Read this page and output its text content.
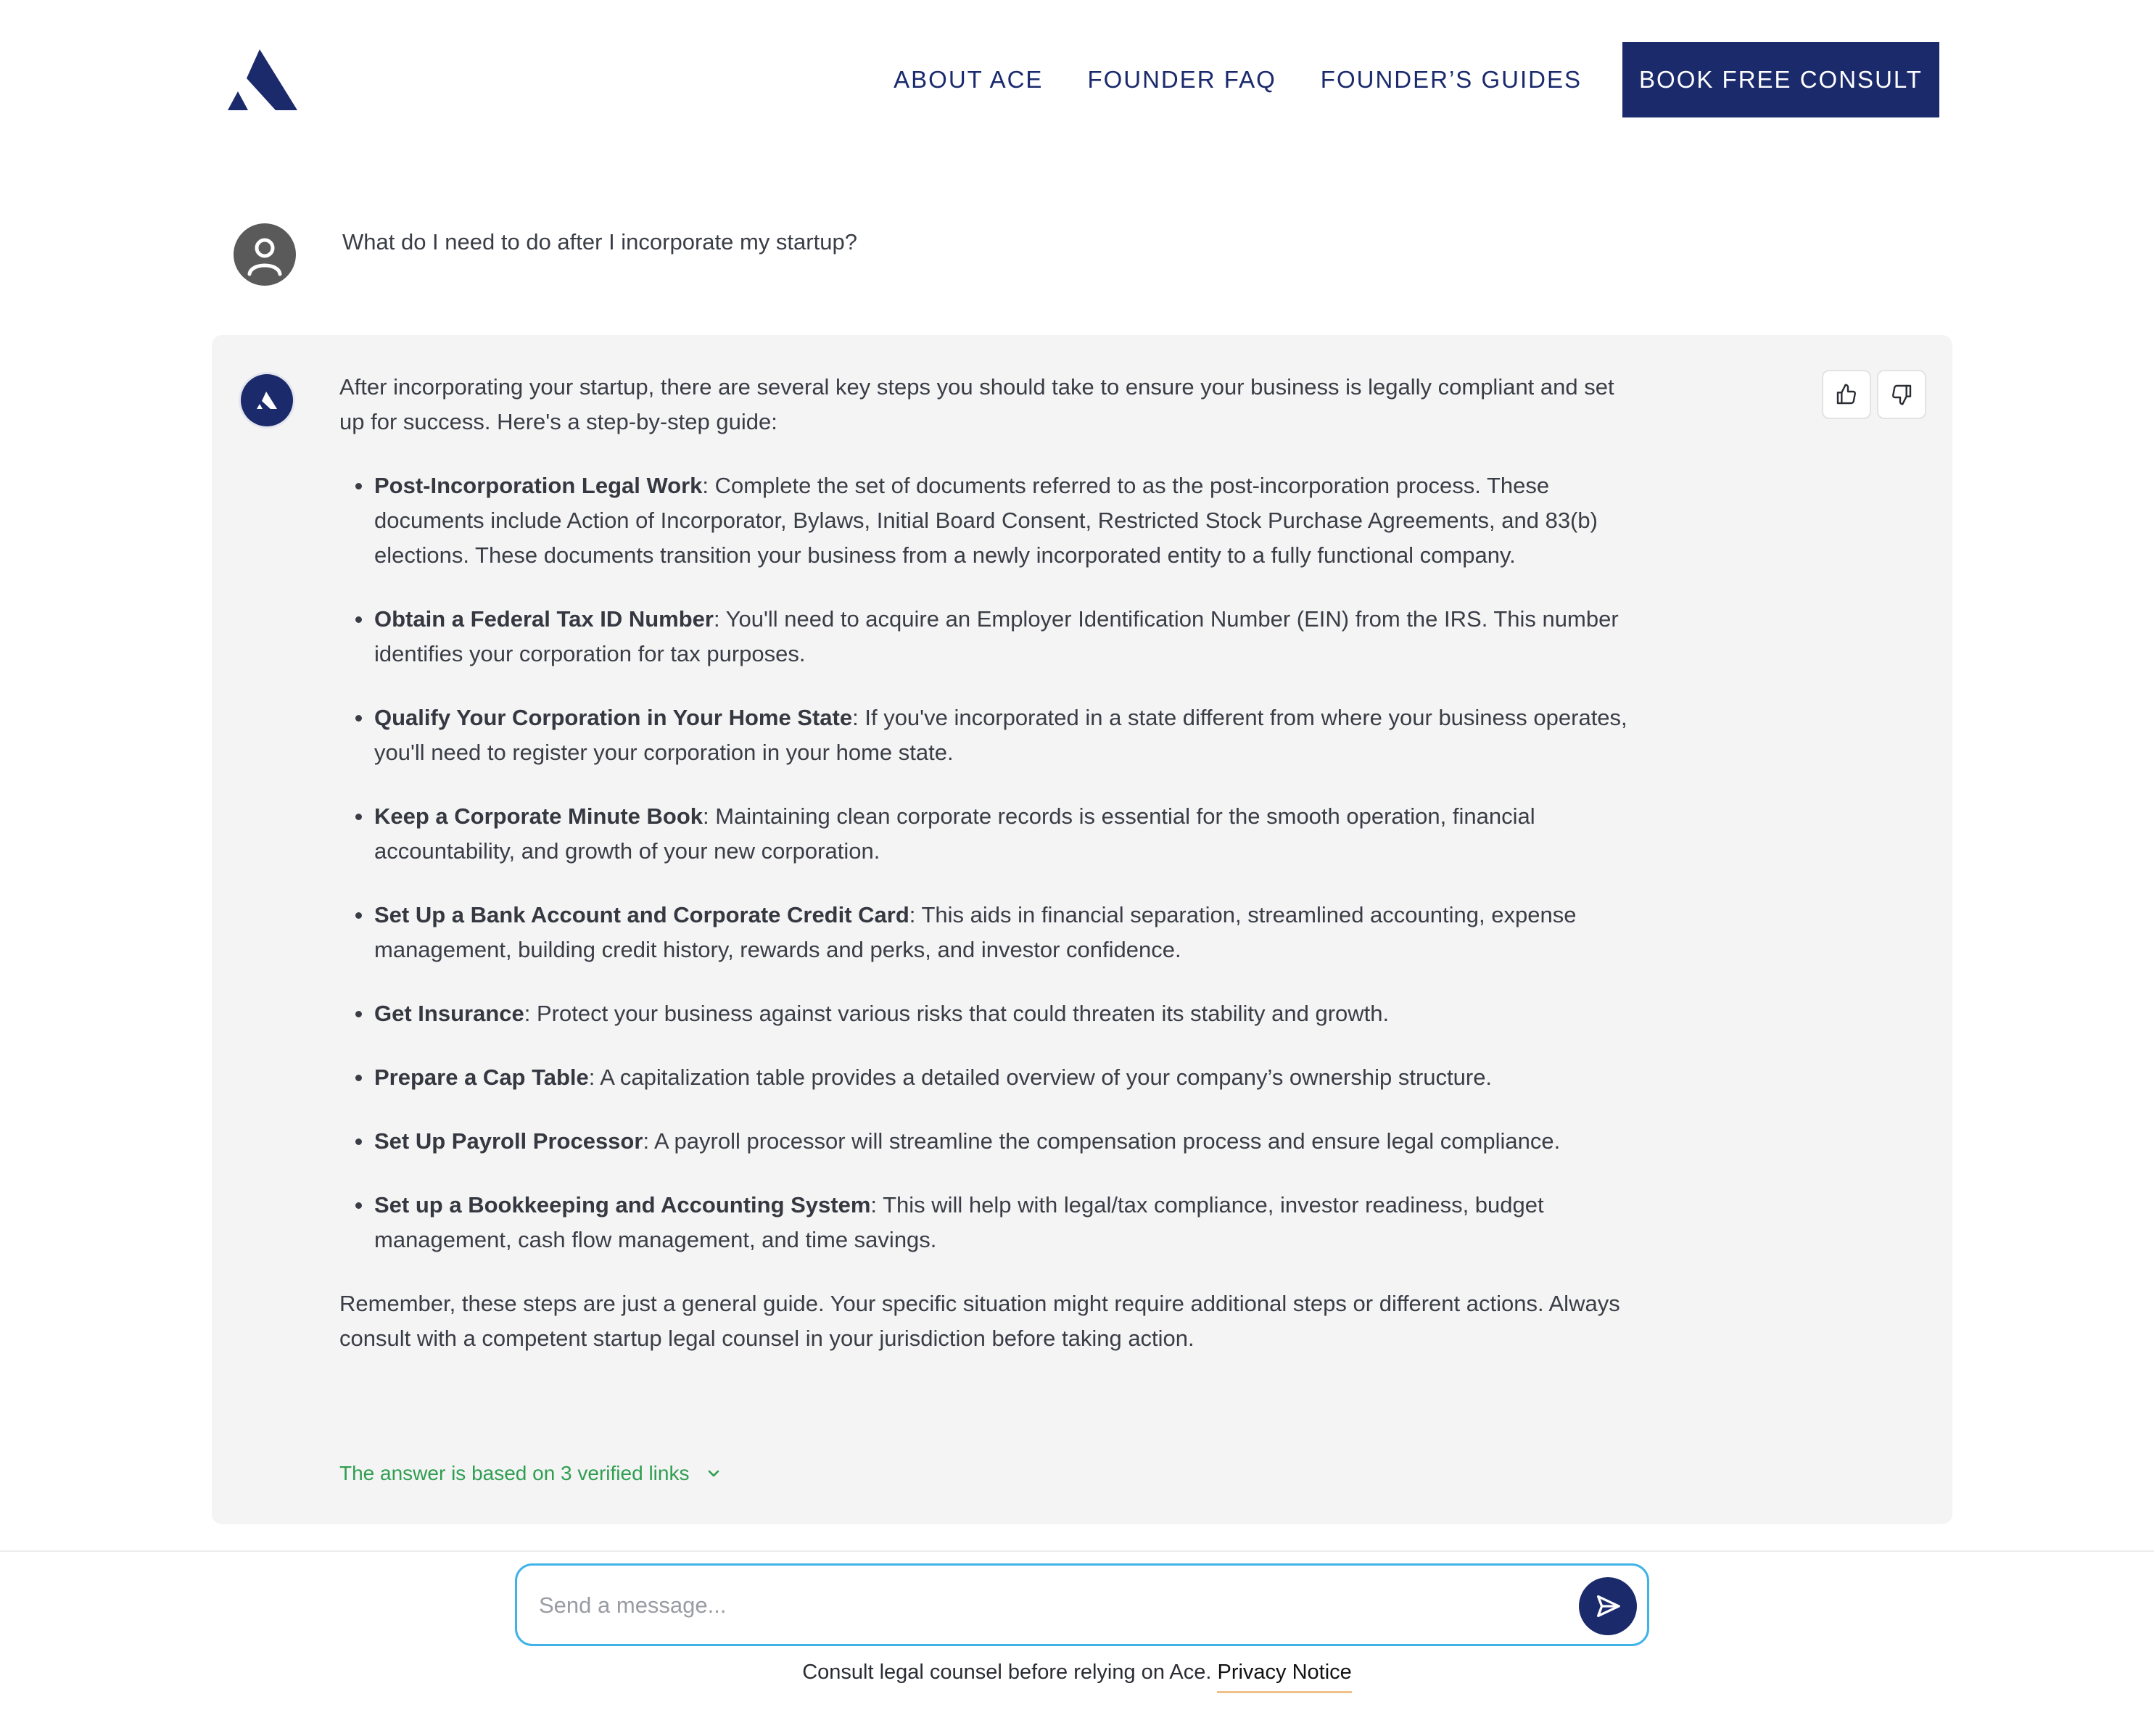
ABOUT ACE FOUNDER FAQ FOUNDER’S GUIDES	BOOK FREE CONSULT
What do I need to do after I incorporate my startup?

After incorporating your startup, there are several key steps you should take to ensure your business is legally compliant and set up for success. Here's a step-by-step guide:

Post-Incorporation Legal Work: Complete the set of documents referred to as the post-incorporation process. These documents include Action of Incorporator, Bylaws, Initial Board Consent, Restricted Stock Purchase Agreements, and 83(b) elections. These documents transition your business from a newly incorporated entity to a fully functional company.
Obtain a Federal Tax ID Number: You'll need to acquire an Employer Identification Number (EIN) from the IRS. This number identifies your corporation for tax purposes.
Qualify Your Corporation in Your Home State: If you've incorporated in a state different from where your business operates, you'll need to register your corporation in your home state.
Keep a Corporate Minute Book: Maintaining clean corporate records is essential for the smooth operation, financial accountability, and growth of your new corporation.
Set Up a Bank Account and Corporate Credit Card: This aids in financial separation, streamlined accounting, expense management, building credit history, rewards and perks, and investor confidence.
Get Insurance: Protect your business against various risks that could threaten its stability and growth.
Prepare a Cap Table: A capitalization table provides a detailed overview of your company’s ownership structure.
Set Up Payroll Processor: A payroll processor will streamline the compensation process and ensure legal compliance.
Set up a Bookkeeping and Accounting System: This will help with legal/tax compliance, investor readiness, budget management, cash flow management, and time savings.

Remember, these steps are just a general guide. Your specific situation might require additional steps or different actions. Always consult with a competent startup legal counsel in your jurisdiction before taking action.

The answer is based on 3 verified links
Send a message...
Consult legal counsel before relying on Ace. Privacy Notice
